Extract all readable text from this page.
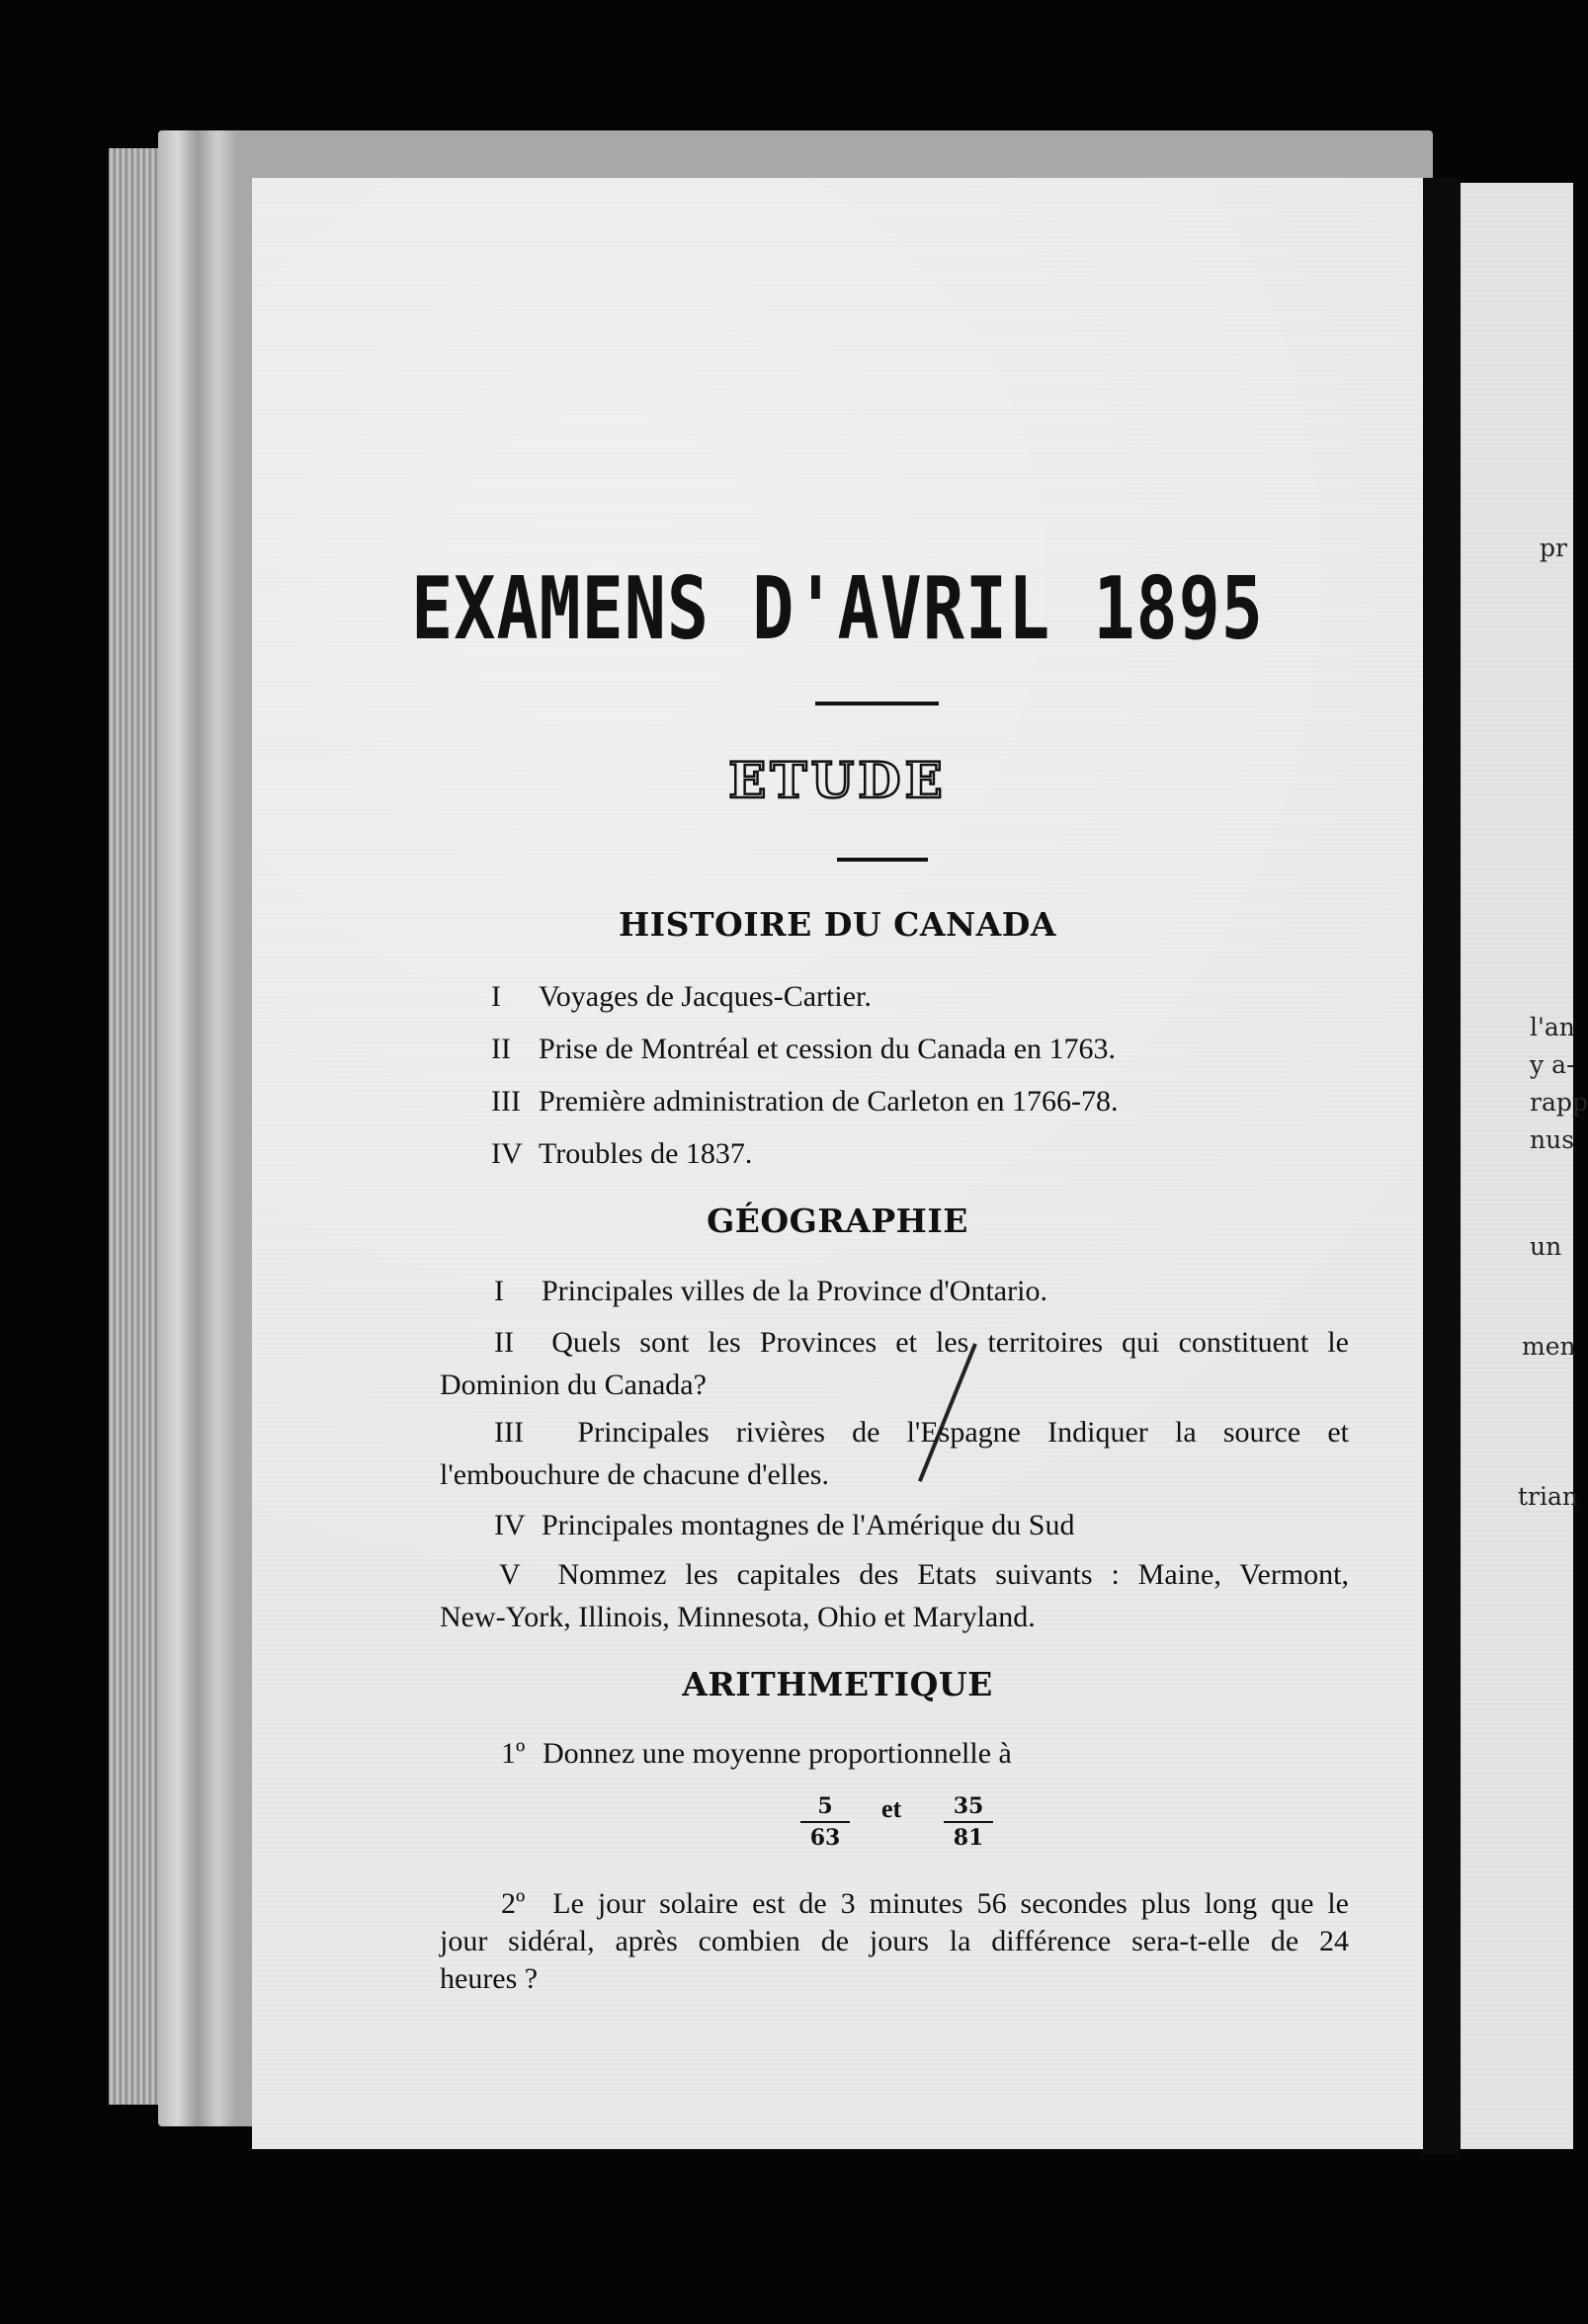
pr
l'an
y a-
rapp
nus
un
men
trian
EXAMENS D'AVRIL 1895
ETUDE
HISTOIRE DU CANADA
I Voyages de Jacques-Cartier.
II Prise de Montréal et cession du Canada en 1763.
III Première administration de Carleton en 1766-78.
IV Troubles de 1837.
GÉOGRAPHIE
I Principales villes de la Province d'Ontario.
II Quels sont les Provinces et les territoires qui constituent le
Dominion du Canada?
III Principales rivières de l'Espagne Indiquer la source et
l'embouchure de chacune d'elles.
IV Principales montagnes de l'Amérique du Sud
V Nommez les capitales des Etats suivants : Maine, Vermont,
New-York, Illinois, Minnesota, Ohio et Maryland.
ARITHMETIQUE
1º Donnez une moyenne proportionnelle à
$\frac{5}{63}$ et $\frac{35}{81}$
2º Le jour solaire est de 3 minutes 56 secondes plus long que le
jour sidéral, après combien de jours la différence sera-t-elle de 24
heures ?
